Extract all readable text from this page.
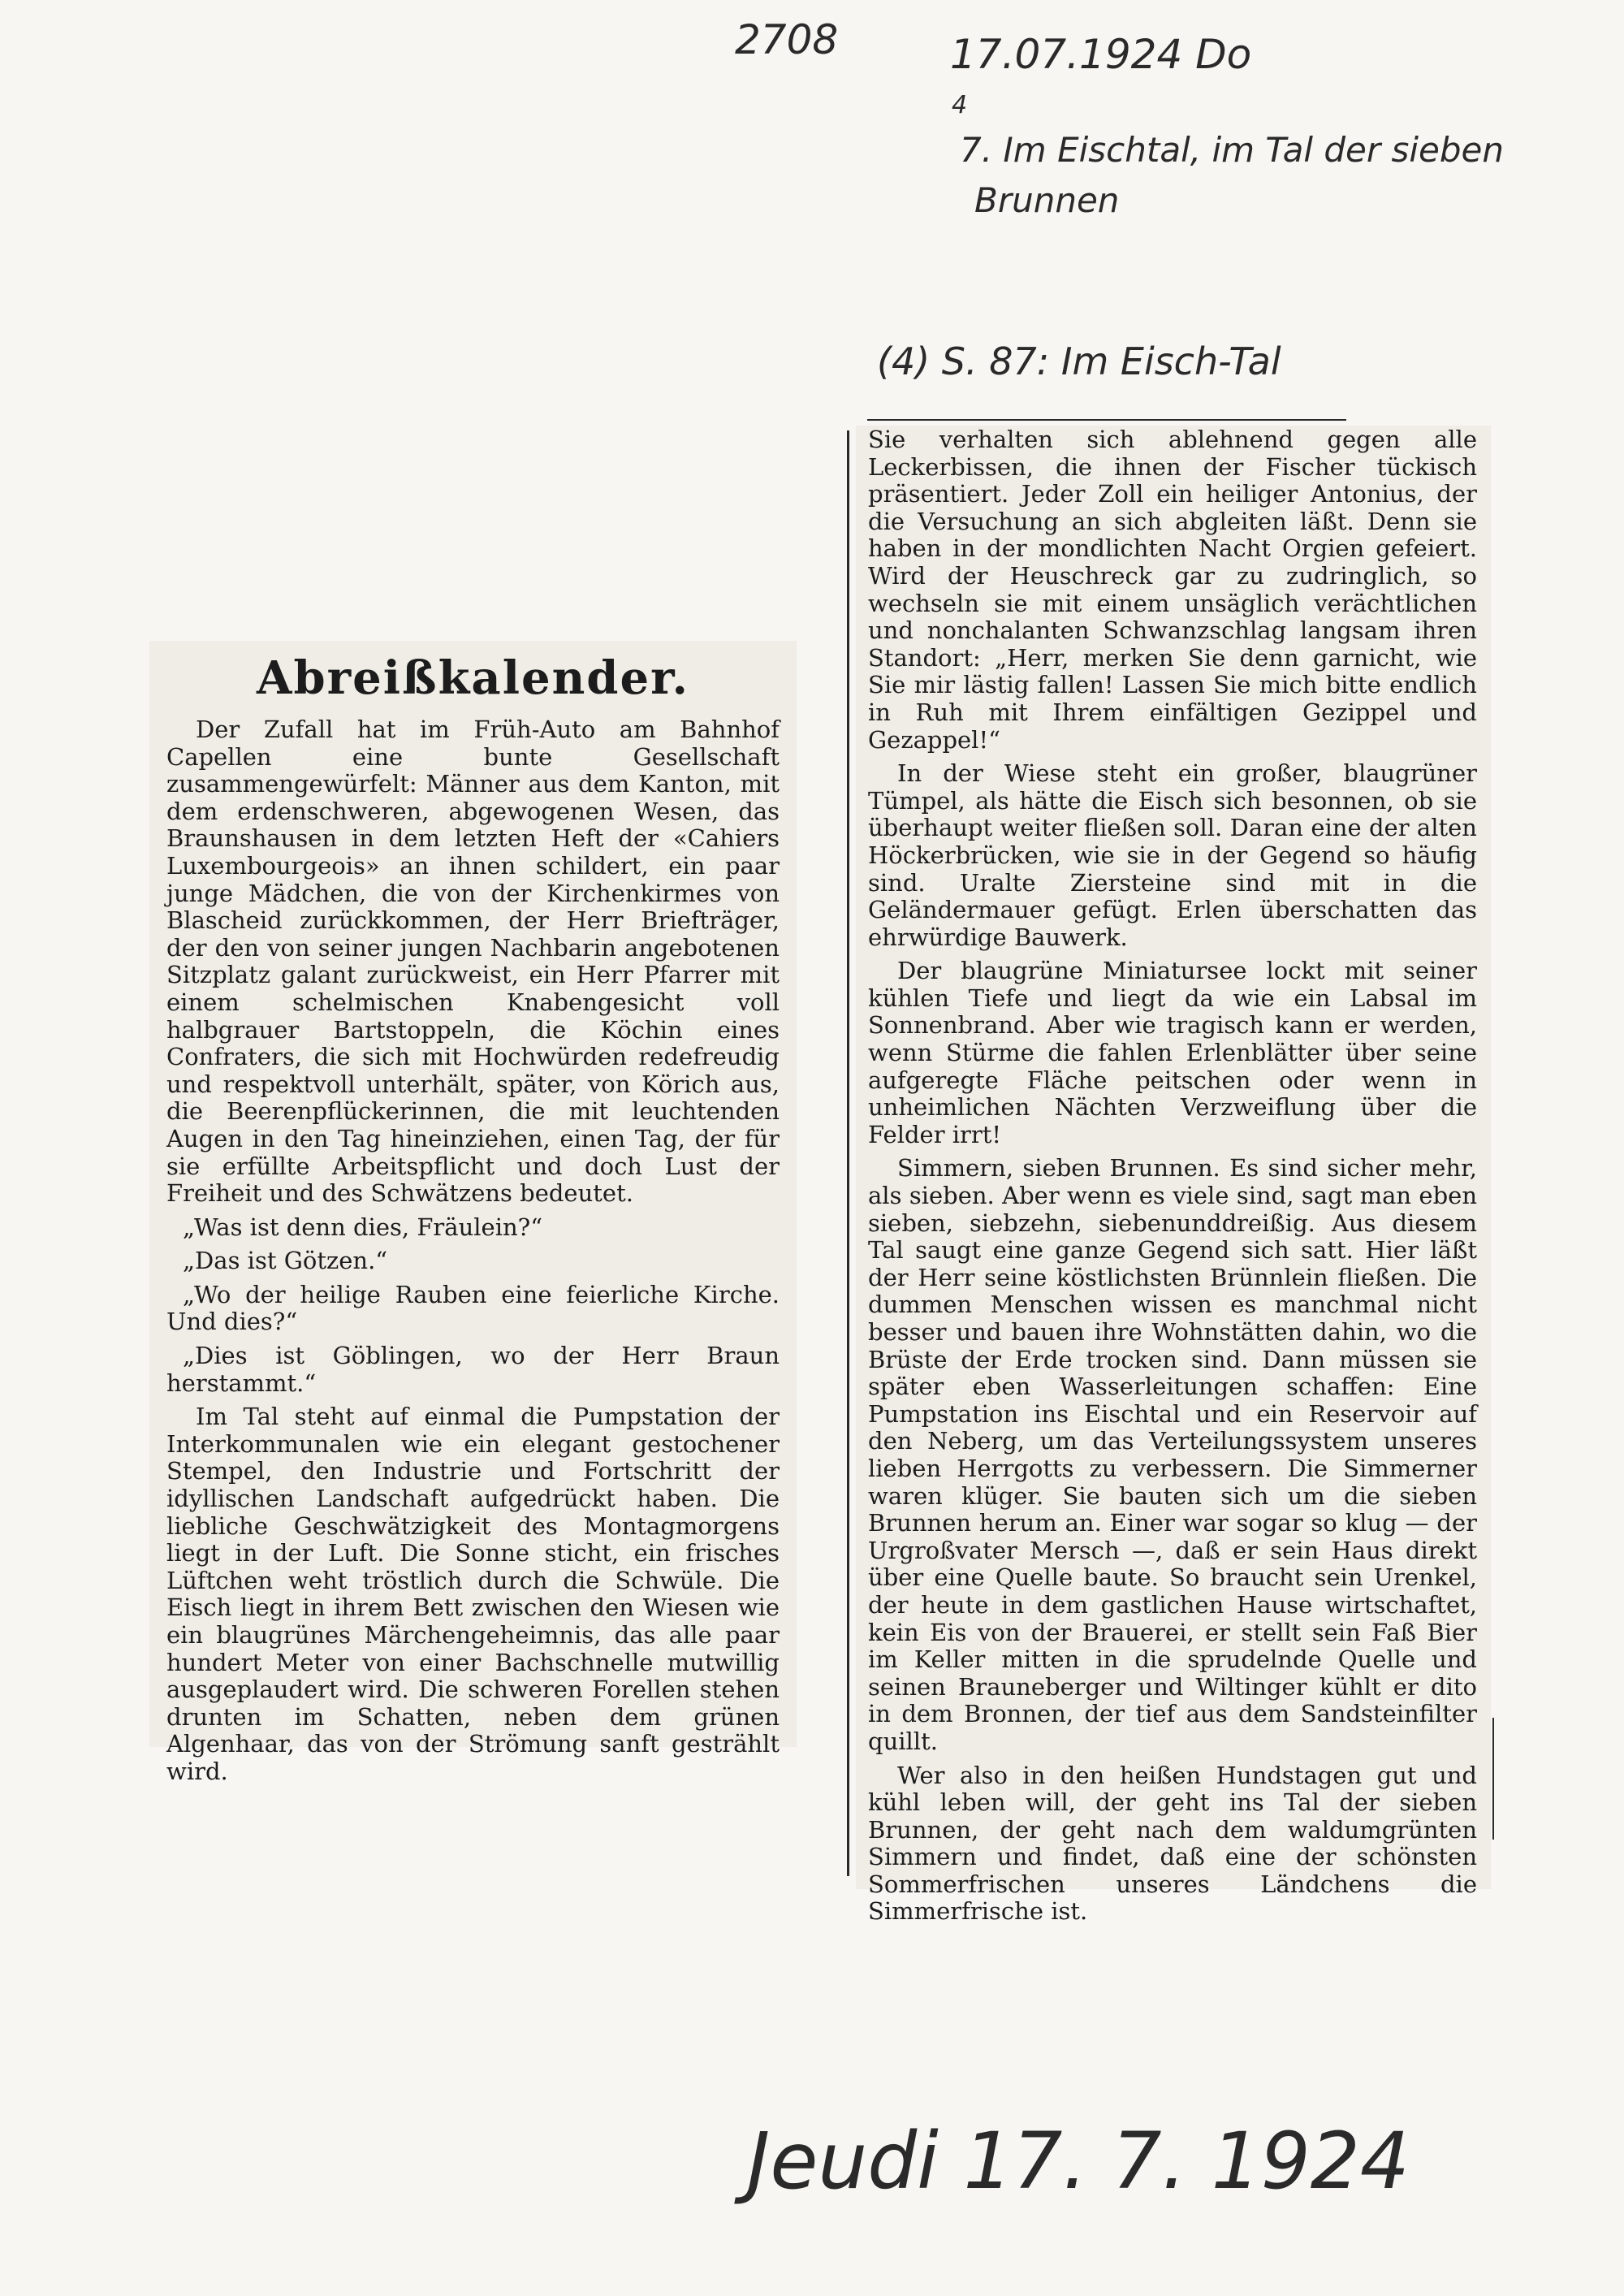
2708	17.07.1924 Do
4
7. Im Eischtal, im Tal der sieben
Brunnen
(4) S. 87: Im Eisch-Tal
Jeudi 17. 7. 1924
Abreißkalender.

Der Zufall hat im Früh-Auto am Bahnhof Capellen eine bunte Gesellschaft zusammengewürfelt: Männer aus dem Kanton, mit dem erdenschweren, abgewogenen Wesen, das Braunshausen in dem letzten Heft der «Cahiers Luxembourgeois» an ihnen schildert, ein paar junge Mädchen, die von der Kirchenkirmes von Blascheid zurückkommen, der Herr Briefträger, der den von seiner jungen Nachbarin angebotenen Sitzplatz galant zurückweist, ein Herr Pfarrer mit einem schelmischen Knabengesicht voll halbgrauer Bartstoppeln, die Köchin eines Confraters, die sich mit Hochwürden redefreudig und respektvoll unterhält, später, von Körich aus, die Beerenpflückerinnen, die mit leuchtenden Augen in den Tag hineinziehen, einen Tag, der für sie erfüllte Arbeitspflicht und doch Lust der Freiheit und des Schwätzens bedeutet.

„Was ist denn dies, Fräulein?“

„Das ist Götzen.“

„Wo der heilige Rauben eine feierliche Kirche. Und dies?“

„Dies ist Göblingen, wo der Herr Braun herstammt.“

Im Tal steht auf einmal die Pumpstation der Interkommunalen wie ein elegant gestochener Stempel, den Industrie und Fortschritt der idyllischen Landschaft aufgedrückt haben. Die liebliche Geschwätzigkeit des Montagmorgens liegt in der Luft. Die Sonne sticht, ein frisches Lüftchen weht tröstlich durch die Schwüle. Die Eisch liegt in ihrem Bett zwischen den Wiesen wie ein blaugrünes Märchengeheimnis, das alle paar hundert Meter von einer Bachschnelle mutwillig ausgeplaudert wird. Die schweren Forellen stehen drunten im Schatten, neben dem grünen Algenhaar, das von der Strömung sanft gestrählt wird.

Sie verhalten sich ablehnend gegen alle Leckerbissen, die ihnen der Fischer tückisch präsentiert. Jeder Zoll ein heiliger Antonius, der die Versuchung an sich abgleiten läßt. Denn sie haben in der mondlichten Nacht Orgien gefeiert. Wird der Heuschreck gar zu zudringlich, so wechseln sie mit einem unsäglich verächtlichen und nonchalanten Schwanzschlag langsam ihren Standort: „Herr, merken Sie denn garnicht, wie Sie mir lästig fallen! Lassen Sie mich bitte endlich in Ruh mit Ihrem einfältigen Gezippel und Gezappel!“

In der Wiese steht ein großer, blaugrüner Tümpel, als hätte die Eisch sich besonnen, ob sie überhaupt weiter fließen soll. Daran eine der alten Höckerbrücken, wie sie in der Gegend so häufig sind. Uralte Ziersteine sind mit in die Geländermauer gefügt. Erlen überschatten das ehrwürdige Bauwerk.

Der blaugrüne Miniatursee lockt mit seiner kühlen Tiefe und liegt da wie ein Labsal im Sonnenbrand. Aber wie tragisch kann er werden, wenn Stürme die fahlen Erlenblätter über seine aufgeregte Fläche peitschen oder wenn in unheimlichen Nächten Verzweiflung über die Felder irrt!

Simmern, sieben Brunnen. Es sind sicher mehr, als sieben. Aber wenn es viele sind, sagt man eben sieben, siebzehn, siebenunddreißig. Aus diesem Tal saugt eine ganze Gegend sich satt. Hier läßt der Herr seine köstlichsten Brünnlein fließen. Die dummen Menschen wissen es manchmal nicht besser und bauen ihre Wohnstätten dahin, wo die Brüste der Erde trocken sind. Dann müssen sie später eben Wasserleitungen schaffen: Eine Pumpstation ins Eischtal und ein Reservoir auf den Neberg, um das Verteilungssystem unseres lieben Herrgotts zu verbessern. Die Simmerner waren klüger. Sie bauten sich um die sieben Brunnen herum an. Einer war sogar so klug — der Urgroßvater Mersch —, daß er sein Haus direkt über eine Quelle baute. So braucht sein Urenkel, der heute in dem gastlichen Hause wirtschaftet, kein Eis von der Brauerei, er stellt sein Faß Bier im Keller mitten in die sprudelnde Quelle und seinen Brauneberger und Wiltinger kühlt er dito in dem Bronnen, der tief aus dem Sandsteinfilter quillt.

Wer also in den heißen Hundstagen gut und kühl leben will, der geht ins Tal der sieben Brunnen, der geht nach dem waldumgrünten Simmern und findet, daß eine der schönsten Sommerfrischen unseres Ländchens die Simmerfrische ist.
